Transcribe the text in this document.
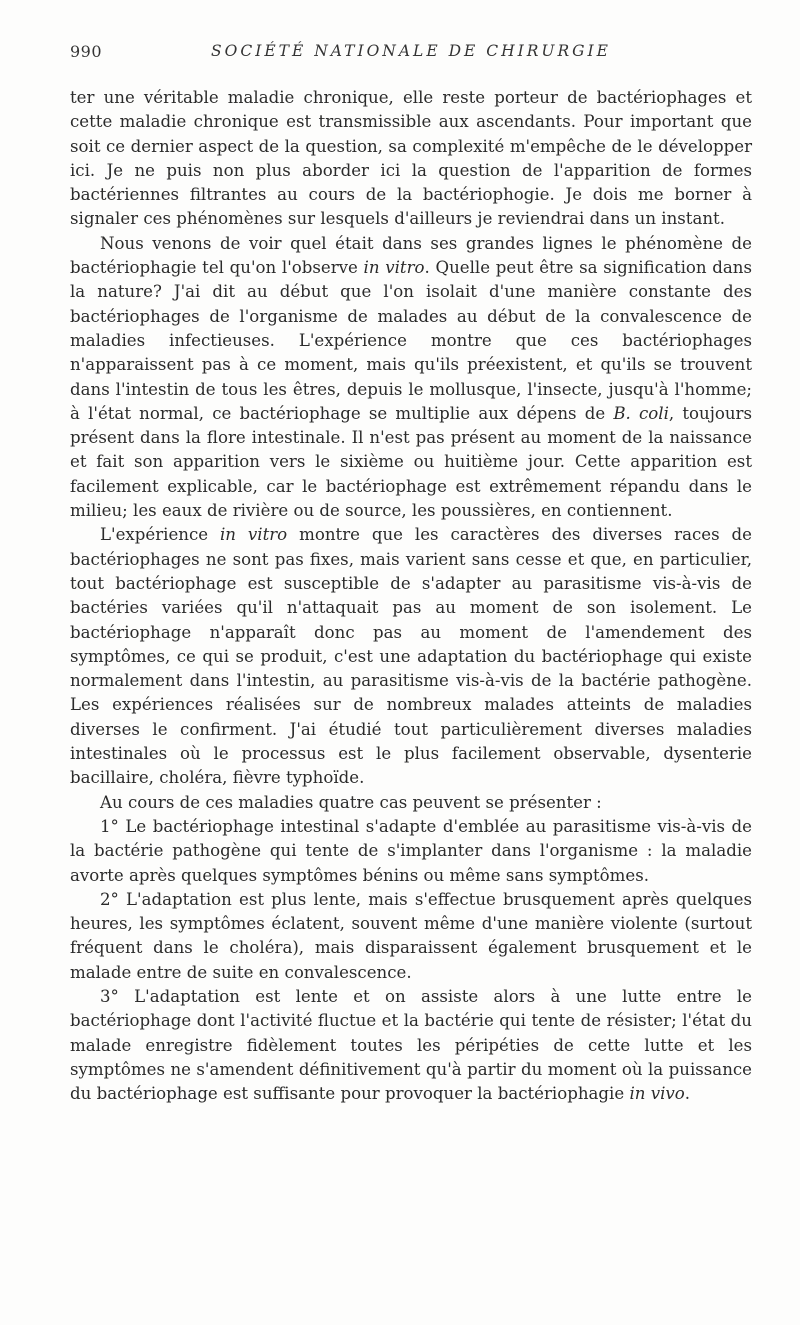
990	SOCIÉTÉ NATIONALE DE CHIRURGIE

ter une véritable maladie chronique, elle reste porteur de bactériophages et cette maladie chronique est transmissible aux ascendants. Pour important que soit ce dernier aspect de la question, sa complexité m'empêche de le développer ici. Je ne puis non plus aborder ici la question de l'apparition de formes bactériennes filtrantes au cours de la bactériophogie. Je dois me borner à signaler ces phénomènes sur lesquels d'ailleurs je reviendrai dans un instant.

Nous venons de voir quel était dans ses grandes lignes le phénomène de bactériophagie tel qu'on l'observe in vitro. Quelle peut être sa signification dans la nature? J'ai dit au début que l'on isolait d'une manière constante des bactériophages de l'organisme de malades au début de la convalescence de maladies infectieuses. L'expérience montre que ces bactériophages n'apparaissent pas à ce moment, mais qu'ils préexistent, et qu'ils se trouvent dans l'intestin de tous les êtres, depuis le mollusque, l'insecte, jusqu'à l'homme; à l'état normal, ce bactériophage se multiplie aux dépens de B. coli, toujours présent dans la flore intestinale. Il n'est pas présent au moment de la naissance et fait son apparition vers le sixième ou huitième jour. Cette apparition est facilement explicable, car le bactériophage est extrêmement répandu dans le milieu; les eaux de rivière ou de source, les poussières, en contiennent.

L'expérience in vitro montre que les caractères des diverses races de bactériophages ne sont pas fixes, mais varient sans cesse et que, en particulier, tout bactériophage est susceptible de s'adapter au parasitisme vis-à-vis de bactéries variées qu'il n'attaquait pas au moment de son isolement. Le bactériophage n'apparaît donc pas au moment de l'amendement des symptômes, ce qui se produit, c'est une adaptation du bactériophage qui existe normalement dans l'intestin, au parasitisme vis-à-vis de la bactérie pathogène. Les expériences réalisées sur de nombreux malades atteints de maladies diverses le confirment. J'ai étudié tout particulièrement diverses maladies intestinales où le processus est le plus facilement observable, dysenterie bacillaire, choléra, fièvre typhoïde.

Au cours de ces maladies quatre cas peuvent se présenter :

1° Le bactériophage intestinal s'adapte d'emblée au parasitisme vis-à-vis de la bactérie pathogène qui tente de s'implanter dans l'organisme : la maladie avorte après quelques symptômes bénins ou même sans symptômes.

2° L'adaptation est plus lente, mais s'effectue brusquement après quelques heures, les symptômes éclatent, souvent même d'une manière violente (surtout fréquent dans le choléra), mais disparaissent également brusquement et le malade entre de suite en convalescence.

3° L'adaptation est lente et on assiste alors à une lutte entre le bactériophage dont l'activité fluctue et la bactérie qui tente de résister; l'état du malade enregistre fidèlement toutes les péripéties de cette lutte et les symptômes ne s'amendent définitivement qu'à partir du moment où la puissance du bactériophage est suffisante pour provoquer la bactériophagie in vivo.
